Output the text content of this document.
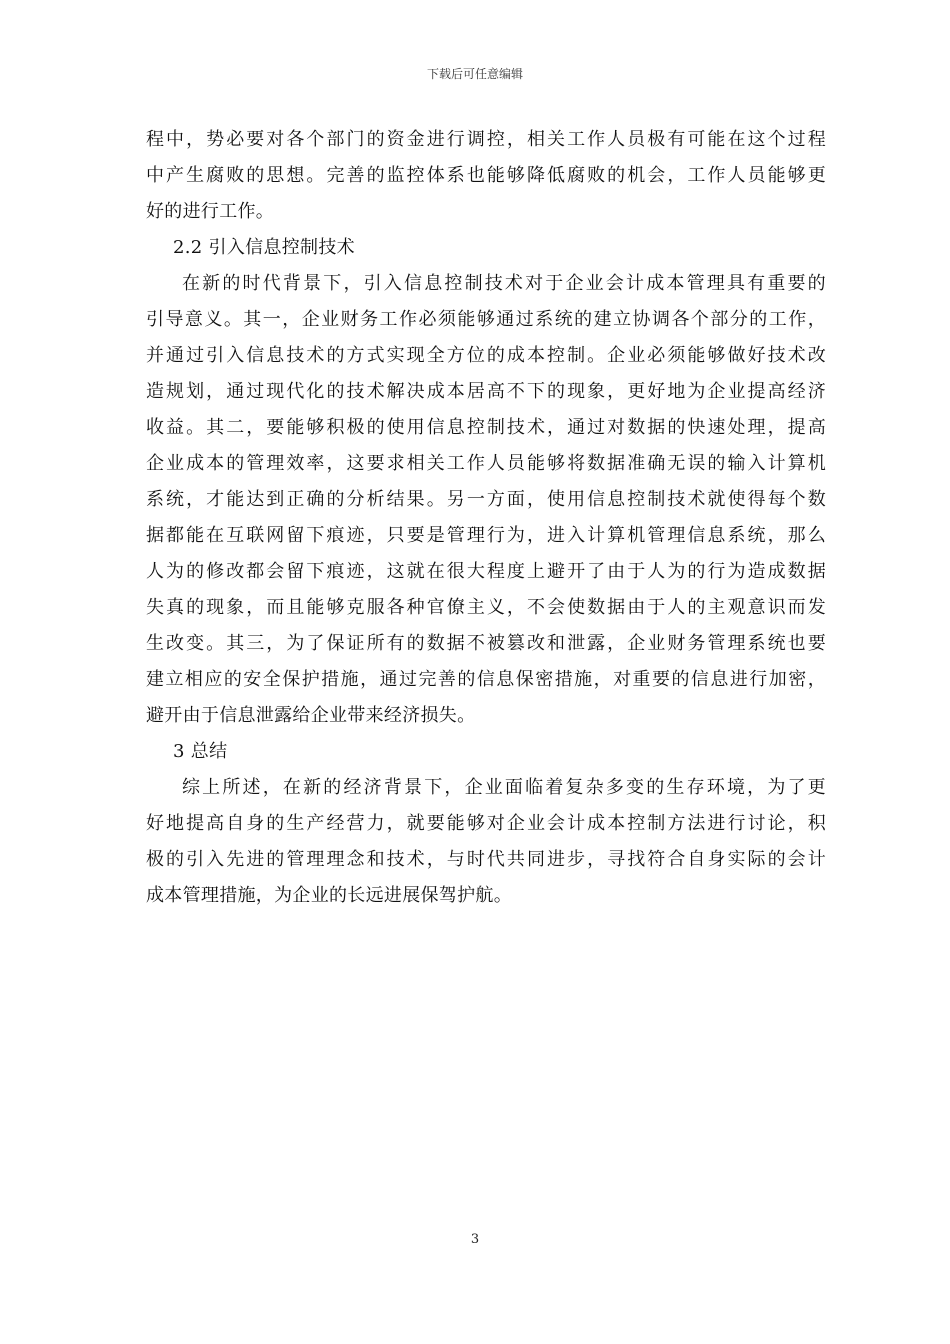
下载后可任意编辑
程中，势必要对各个部门的资金进行调控，相关工作人员极有可能在这个过程
中产生腐败的思想。完善的监控体系也能够降低腐败的机会，工作人员能够更
好的进行工作。
2.2 引入信息控制技术
在新的时代背景下，引入信息控制技术对于企业会计成本管理具有重要的
引导意义。其一，企业财务工作必须能够通过系统的建立协调各个部分的工作，
并通过引入信息技术的方式实现全方位的成本控制。企业必须能够做好技术改
造规划，通过现代化的技术解决成本居高不下的现象，更好地为企业提高经济
收益。其二，要能够积极的使用信息控制技术，通过对数据的快速处理，提高
企业成本的管理效率，这要求相关工作人员能够将数据准确无误的输入计算机
系统，才能达到正确的分析结果。另一方面，使用信息控制技术就使得每个数
据都能在互联网留下痕迹，只要是管理行为，进入计算机管理信息系统，那么
人为的修改都会留下痕迹，这就在很大程度上避开了由于人为的行为造成数据
失真的现象，而且能够克服各种官僚主义，不会使数据由于人的主观意识而发
生改变。其三，为了保证所有的数据不被篡改和泄露，企业财务管理系统也要
建立相应的安全保护措施，通过完善的信息保密措施，对重要的信息进行加密，
避开由于信息泄露给企业带来经济损失。
3 总结
综上所述，在新的经济背景下，企业面临着复杂多变的生存环境，为了更
好地提高自身的生产经营力，就要能够对企业会计成本控制方法进行讨论，积
极的引入先进的管理理念和技术，与时代共同进步，寻找符合自身实际的会计
成本管理措施，为企业的长远进展保驾护航。
3
